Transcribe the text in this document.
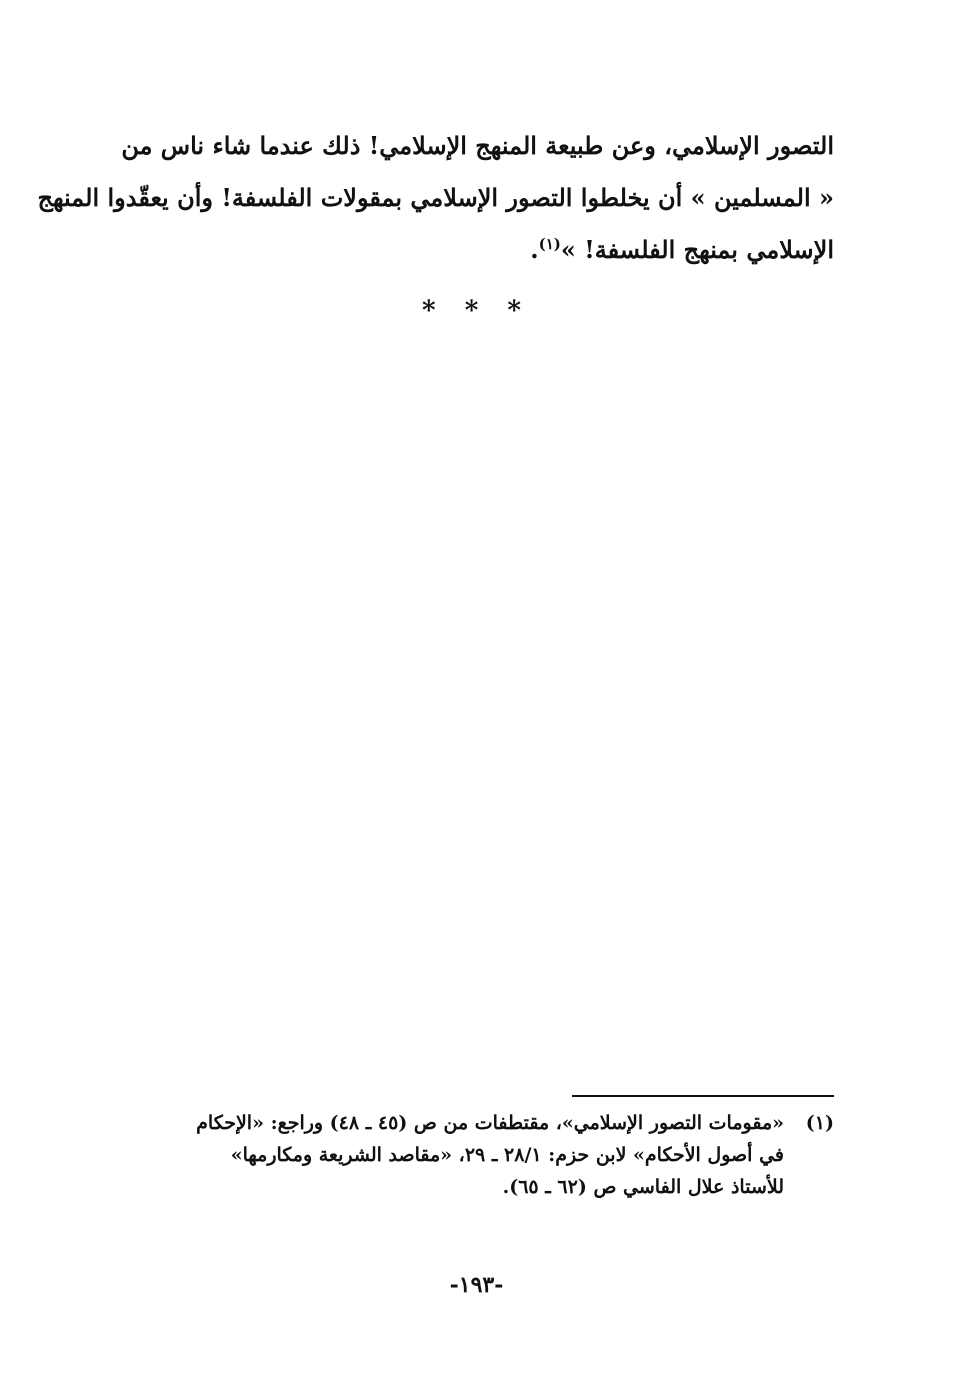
التصور الإسلامي، وعن طبيعة المنهج الإسلامي! ذلك عندما شاء ناس من
« المسلمين » أن يخلطوا التصور الإسلامي بمقولات الفلسفة! وأن يعقّدوا المنهج
الإسلامي بمنهج الفلسفة! »$^{(١)}$.
* * *
(١)
«مقومات التصور الإسلامي»، مقتطفات من ص (٤٥ ـ ٤٨) وراجع: «الإحكام
في أصول الأحكام» لابن حزم: ٢٨/١ ـ ٢٩، «مقاصد الشريعة ومكارمها»
للأستاذ علال الفاسي ص (٦٢ ـ ٦٥).
-١٩٣-
